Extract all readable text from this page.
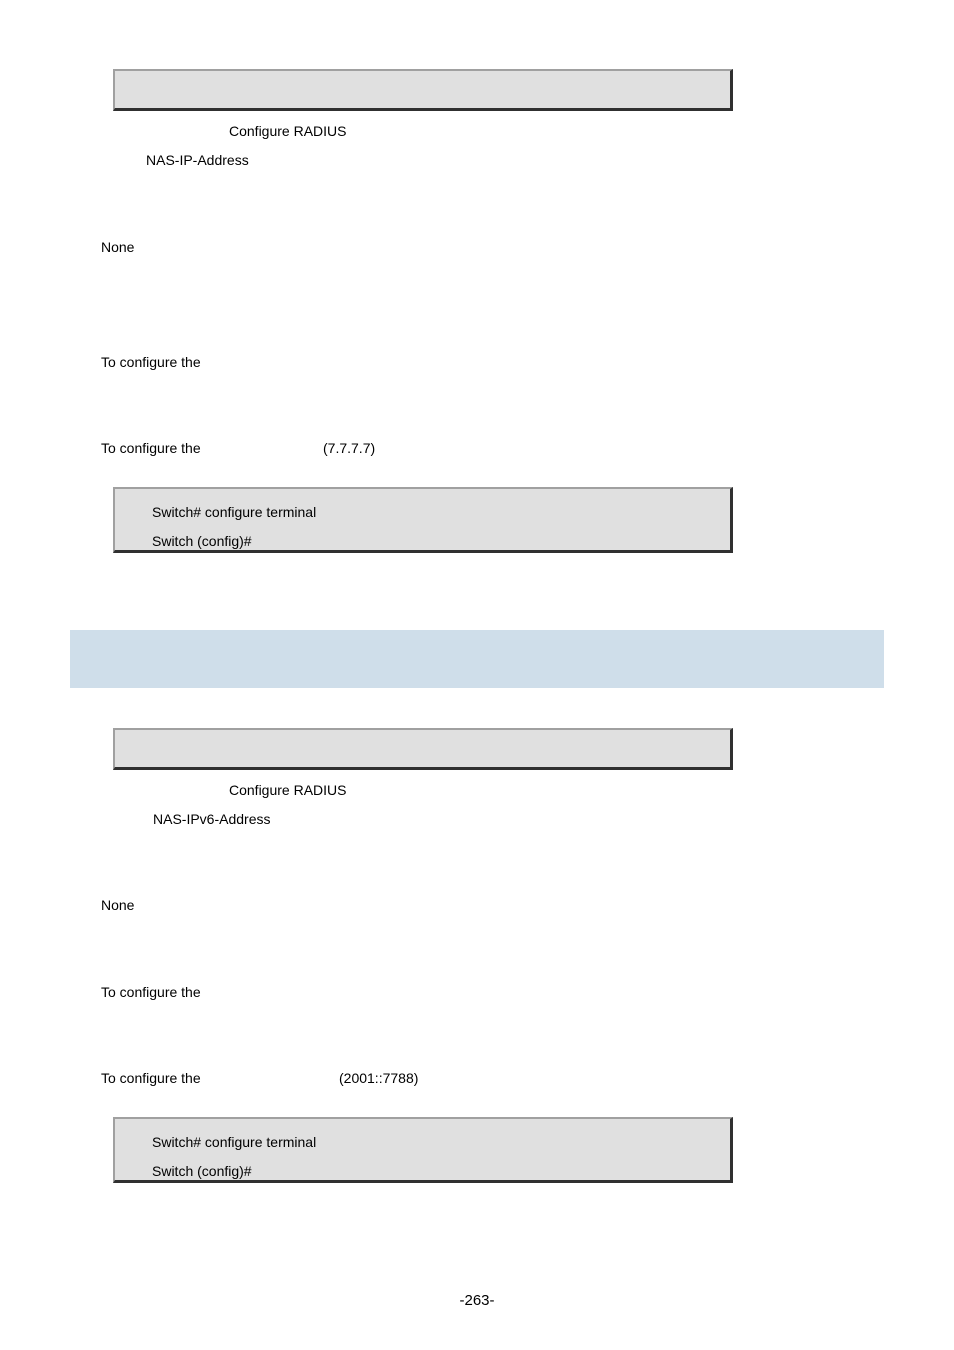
Configure RADIUS
NAS-IP-Address
None
To configure the
To configure the	(7.7.7.7)
Switch# configure terminal
Switch (config)#
Configure RADIUS
NAS-IPv6-Address
None
To configure the
To configure the	(2001::7788)
Switch# configure terminal
Switch (config)#
-263-
